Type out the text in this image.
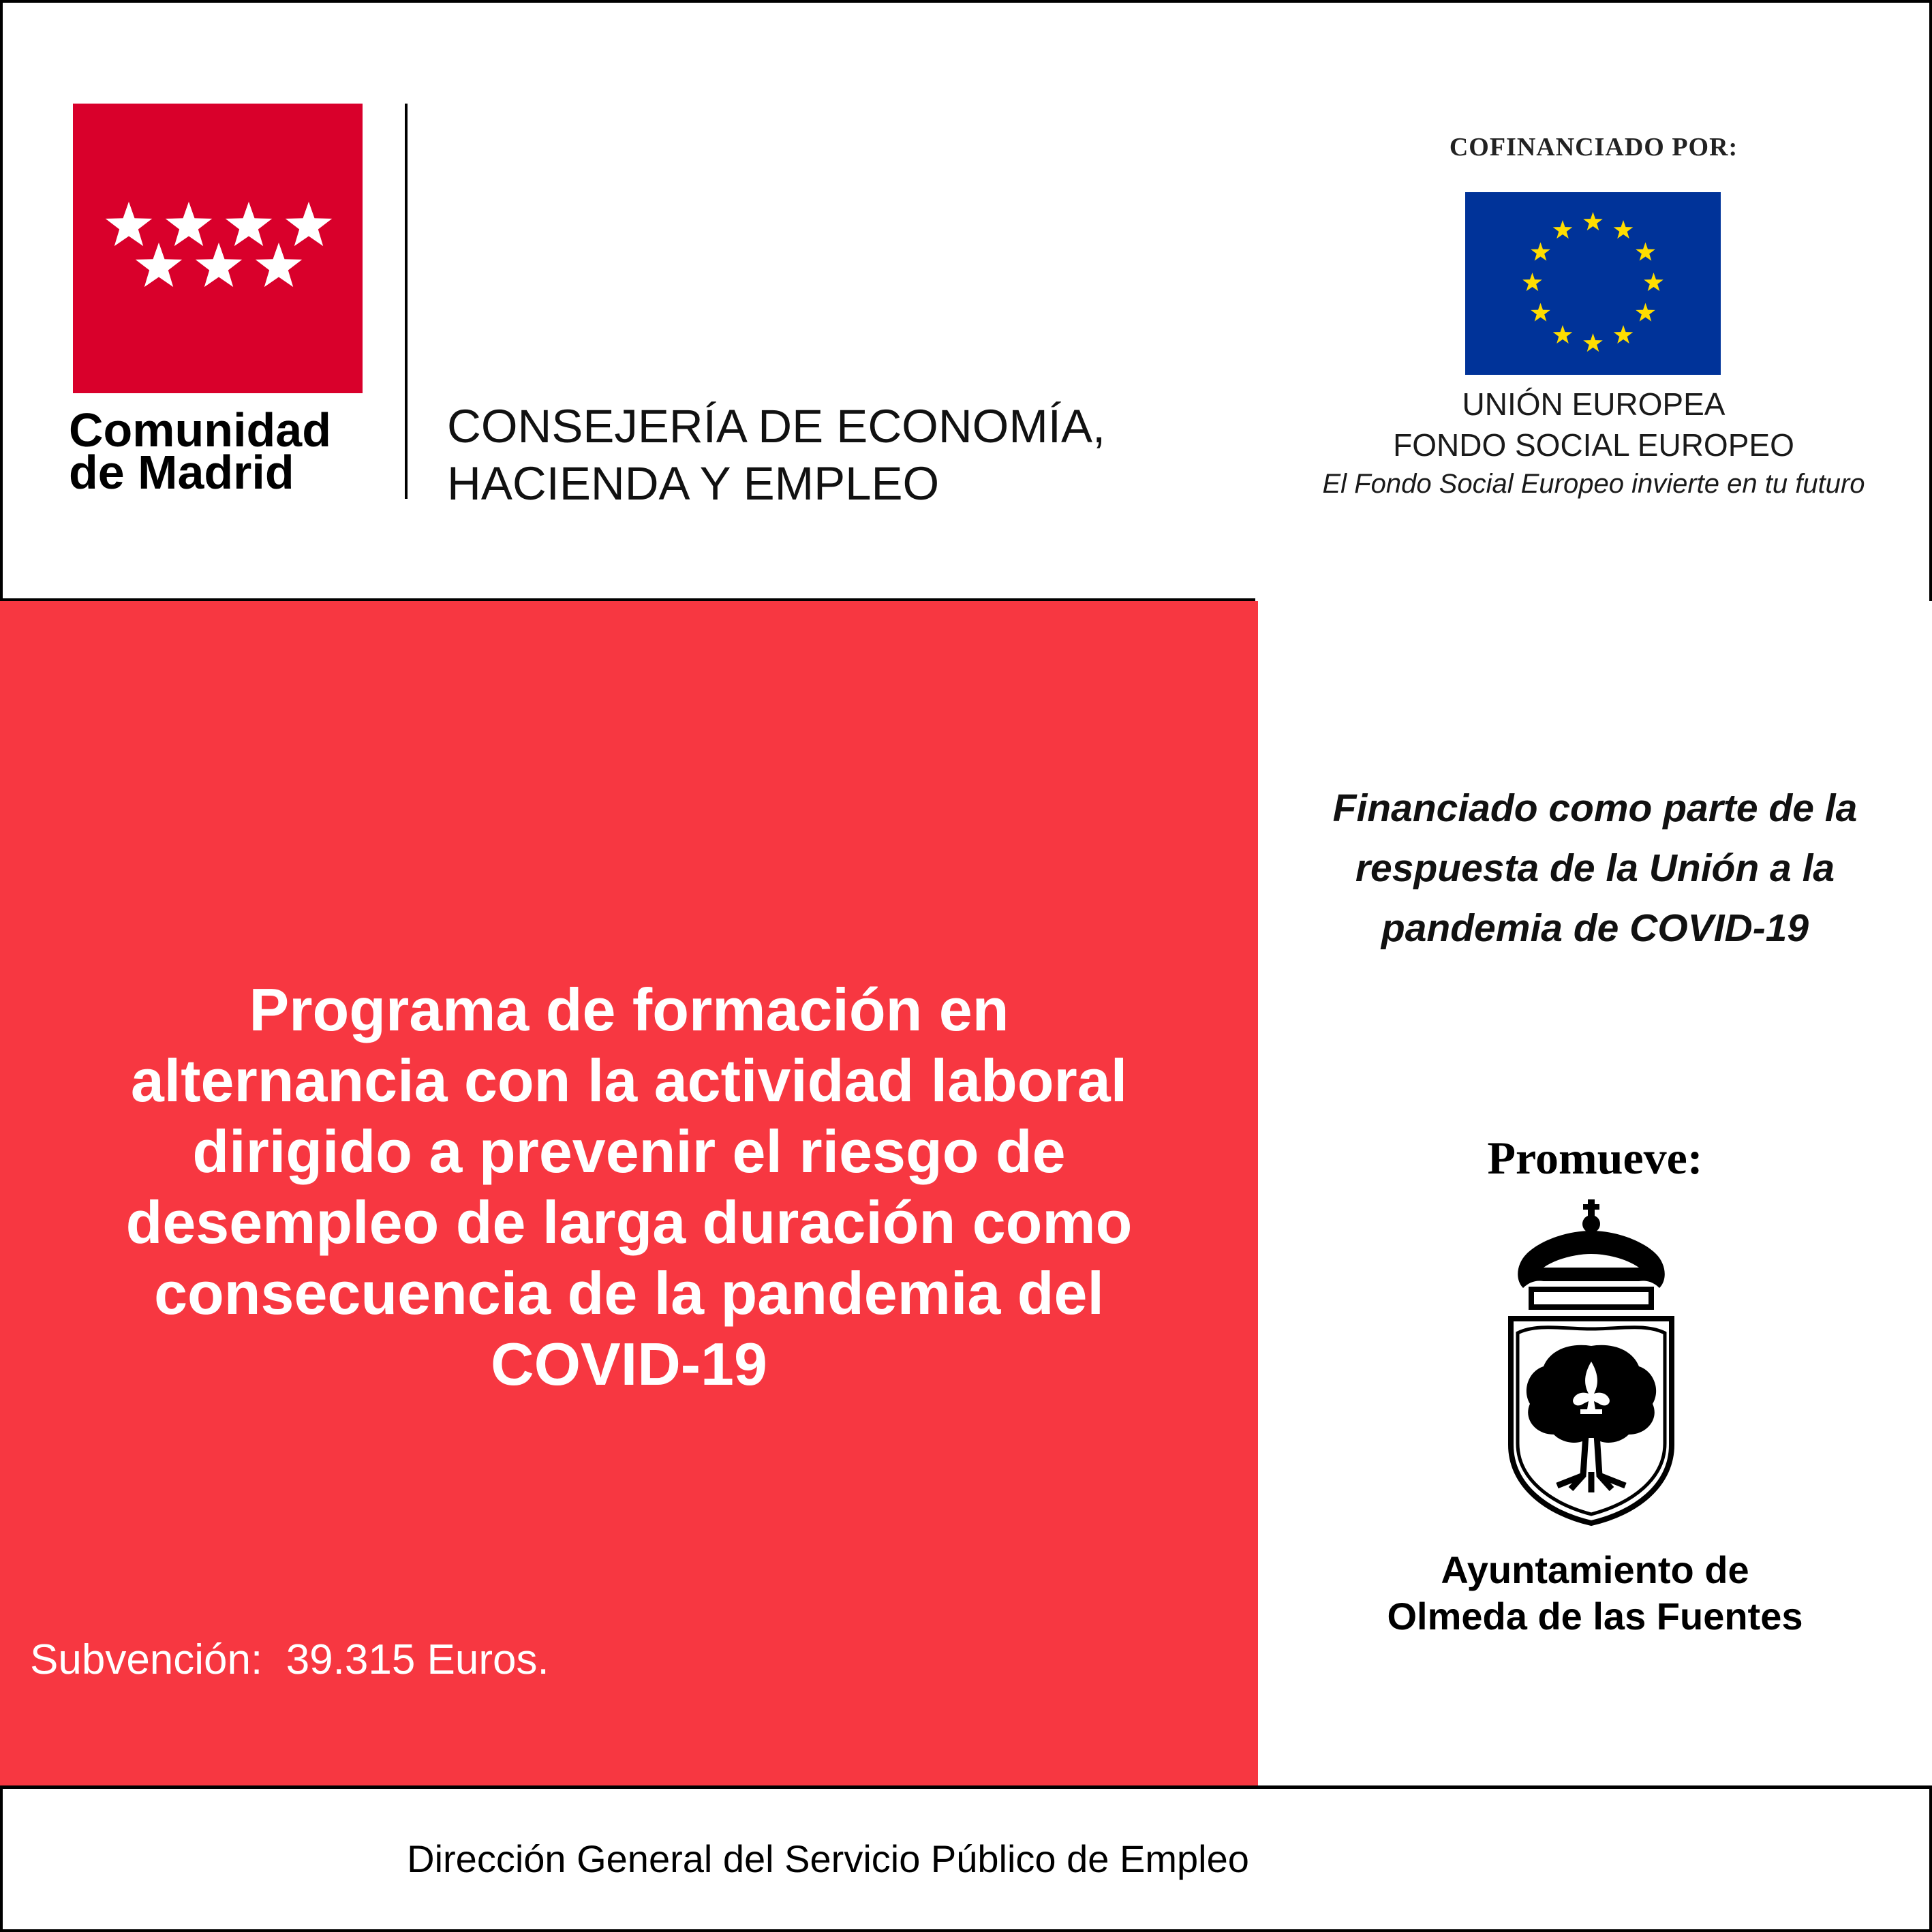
Comunidad
de Madrid
CONSEJERÍA DE ECONOMÍA,
HACIENDA Y EMPLEO
COFINANCIADO POR:
UNIÓN EUROPEA
FONDO SOCIAL EUROPEO
El Fondo Social Europeo invierte en tu futuro
Programa de formación en
alternancia con la actividad laboral
dirigido a prevenir el riesgo de
desempleo de larga duración como
consecuencia de la pandemia del
COVID-19
Subvención:  39.315 Euros.
Financiado como parte de la
respuesta de la Unión a la
pandemia de COVID-19
Promueve:
Ayuntamiento de
Olmeda de las Fuentes
Dirección General del Servicio Público de Empleo
